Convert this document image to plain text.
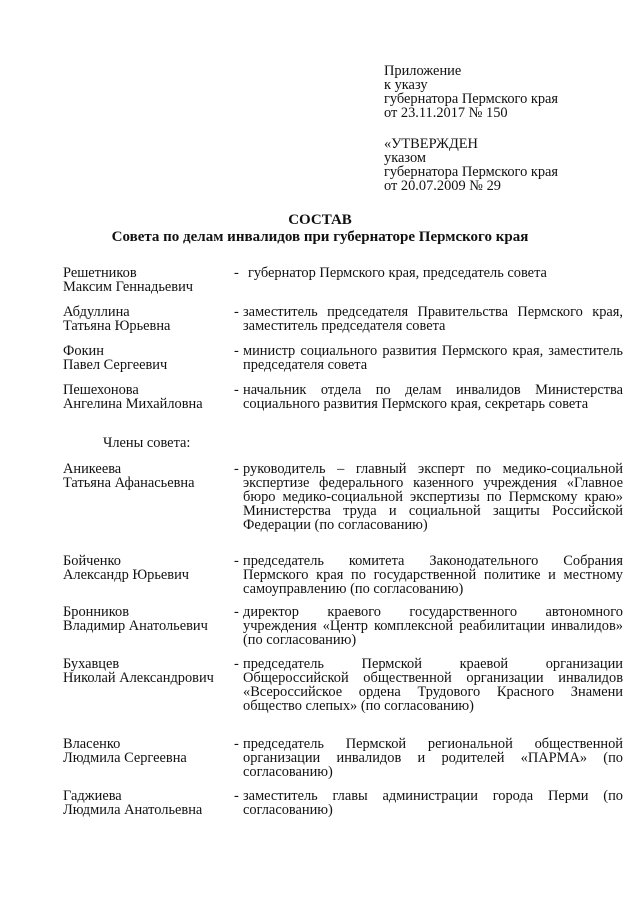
Приложение
к указу
губернатора Пермского края
от 23.11.2017 № 150
«УТВЕРЖДЕН
указом
губернатора Пермского края
от 20.07.2009 № 29
СОСТАВ
Совета по делам инвалидов при губернаторе Пермского края
Решетников
Максим Геннадьевич
- губернатор Пермского края, председатель совета
Абдуллина
Татьяна Юрьевна
- заместитель председателя Правительства Пермского края, заместитель председателя совета
Фокин
Павел Сергеевич
- министр социального развития Пермского края, заместитель председателя совета
Пешехонова
Ангелина Михайловна
- начальник отдела по делам инвалидов Министерства социального развития Пермского края, секретарь совета
Члены совета:
Аникеева
Татьяна Афанасьевна
- руководитель – главный эксперт по медико-социальной экспертизе федерального казенного учреждения «Главное бюро медико-социальной экспертизы по Пермскому краю» Министерства труда и социальной защиты Российской Федерации (по согласованию)
Бойченко
Александр Юрьевич
- председатель комитета Законодательного Собрания Пермского края по государственной политике и местному самоуправлению (по согласованию)
Бронников
Владимир Анатольевич
- директор краевого государственного автономного учреждения «Центр комплексной реабилитации инвалидов» (по согласованию)
Бухавцев
Николай Александрович
- председатель Пермской краевой организации Общероссийской общественной организации инвалидов «Всероссийское ордена Трудового Красного Знамени общество слепых» (по согласованию)
Власенко
Людмила Сергеевна
- председатель Пермской региональной общественной организации инвалидов и родителей «ПАРМА» (по согласованию)
Гаджиева
Людмила Анатольевна
- заместитель главы администрации города Перми (по согласованию)
